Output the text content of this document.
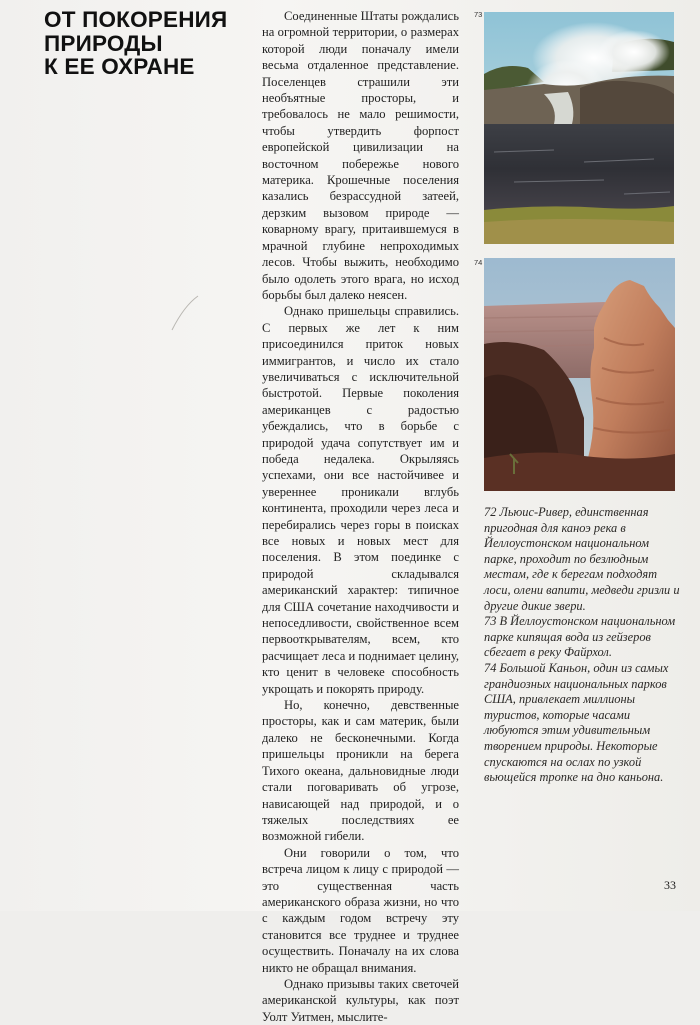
ОТ ПОКОРЕНИЯ
ПРИРОДЫ
К ЕЕ ОХРАНЕ

Соединенные Штаты рождались на огромной территории, о размерах которой люди поначалу имели весьма отдаленное представление. Поселенцев страшили эти необъятные просторы, и требовалось не мало решимости, чтобы утвердить форпост европейской цивилизации на восточном побережье нового материка. Крошечные поселения казались безрассудной затеей, дерзким вызовом природе — коварному врагу, притаившемуся в мрачной глубине непроходимых лесов. Чтобы выжить, необходимо было одолеть этого врага, но исход борьбы был далеко неясен.

Однако пришельцы справились. С первых же лет к ним присоединился приток новых иммигрантов, и число их стало увеличиваться с исключительной быстротой. Первые поколения американцев с радостью убеждались, что в борьбе с природой удача сопутствует им и победа недалека. Окрыляясь успехами, они все настойчивее и увереннее проникали вглубь континента, проходили через леса и перебирались через горы в поисках все новых и новых мест для поселения. В этом поединке с природой складывался американский характер: типичное для США сочетание находчивости и непоседливости, свойственное всем первооткрывателям, всем, кто расчищает леса и поднимает целину, кто ценит в человеке способность укрощать и покорять природу.

Но, конечно, девственные просторы, как и сам материк, были далеко не бесконечными. Когда пришельцы проникли на берега Тихого океана, дальновидные люди стали поговаривать об угрозе, нависающей над природой, и о тяжелых последствиях ее возможной гибели.

Они говорили о том, что встреча лицом к лицу с природой — это существенная часть американского образа жизни, но что с каждым годом встречу эту становится все труднее и труднее осуществить. Поначалу на их слова никто не обращал внимания.

Однако призывы таких светочей американской культуры, как поэт Уолт Уитмен, мыслите-

73
74

72 Льюис-Ривер, единственная пригодная для каноэ река в Йеллоустонском национальном парке, проходит по безлюдным местам, где к берегам подходят лоси, олени вапити, медведи гризли и другие дикие звери.

73 В Йеллоустонском национальном парке кипящая вода из гейзеров сбегает в реку Файрхол.

74 Большой Каньон, один из самых грандиозных национальных парков США, привлекает миллионы туристов, которые часами любуются этим удивительным творением природы. Некоторые спускаются на ослах по узкой вьющейся тропке на дно каньона.

33
